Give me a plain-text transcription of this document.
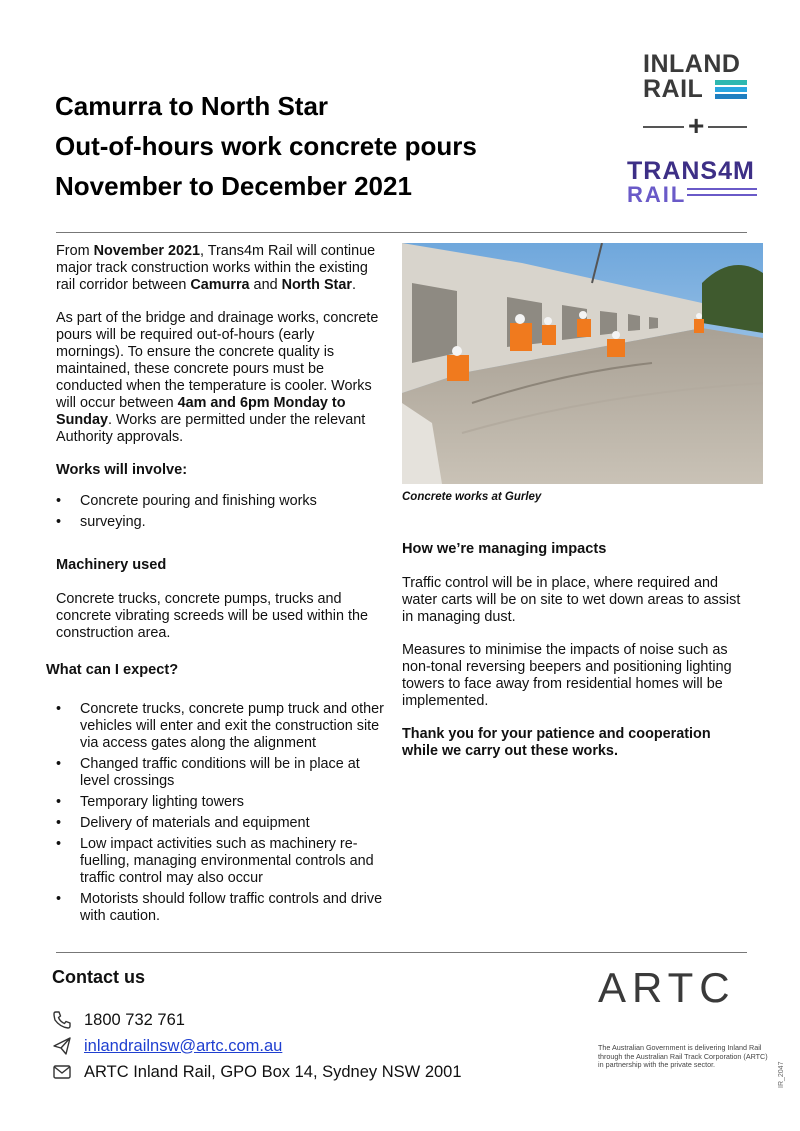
Camurra to North Star
Out-of-hours work concrete pours
November to December 2021
INLAND
RAIL
+
TRANS4M
RAIL

From November 2021, Trans4m Rail will continue major track construction works within the existing rail corridor between Camurra and North Star.

As part of the bridge and drainage works, concrete pours will be required out-of-hours (early mornings). To ensure the concrete quality is maintained, these concrete pours must be conducted when the temperature is cooler. Works will occur between 4am and 6pm Monday to Sunday. Works are permitted under the relevant Authority approvals.

Works will involve:

• Concrete pouring and finishing works
• surveying.

Machinery used

Concrete trucks, concrete pumps, trucks and concrete vibrating screeds will be used within the construction area.

What can I expect?

• Concrete trucks, concrete pump truck and other vehicles will enter and exit the construction site via access gates along the alignment
• Changed traffic conditions will be in place at level crossings
• Temporary lighting towers
• Delivery of materials and equipment
• Low impact activities such as machinery re-fuelling, managing environmental controls and traffic control may also occur
• Motorists should follow traffic controls and drive with caution.
Concrete works at Gurley

How we’re managing impacts

Traffic control will be in place, where required and water carts will be on site to wet down areas to assist in managing dust.

Measures to minimise the impacts of noise such as non-tonal reversing beepers and positioning lighting towers to face away from residential homes will be implemented.

Thank you for your patience and cooperation while we carry out these works.

Contact us
1800 732 761
inlandrailnsw@artc.com.au
ARTC Inland Rail, GPO Box 14, Sydney NSW 2001
ARTC
The Australian Government is delivering Inland Rail through the Australian Rail Track Corporation (ARTC) in partnership with the private sector.	IR_2047
